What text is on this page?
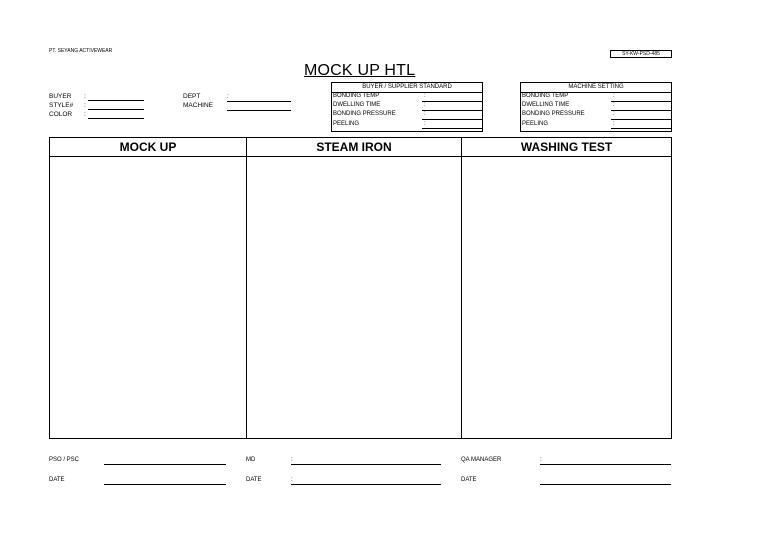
PT. SEYANG ACTIVEWEAR	SY-KW-PSD-485
MOCK UP HTL
BUYER :
STYLE# :
COLOR :
DEPT	:
MACHINE
BUYER / SUPPLIER STANDARD
BONDING TEMP	:
DWELLING TIME	:
BONDING PRESSURE	:
PEELING	:
MACHINE SETTING
BONDING TEMP	:
DWELLING TIME	:
BONDING PRESSURE	:
PEELING	:
MOCK UP	STEAM IRON	WASHING TEST
PSO / PSC
DATE
MD	:
DATE	:
QA MANAGER	:
DATE
